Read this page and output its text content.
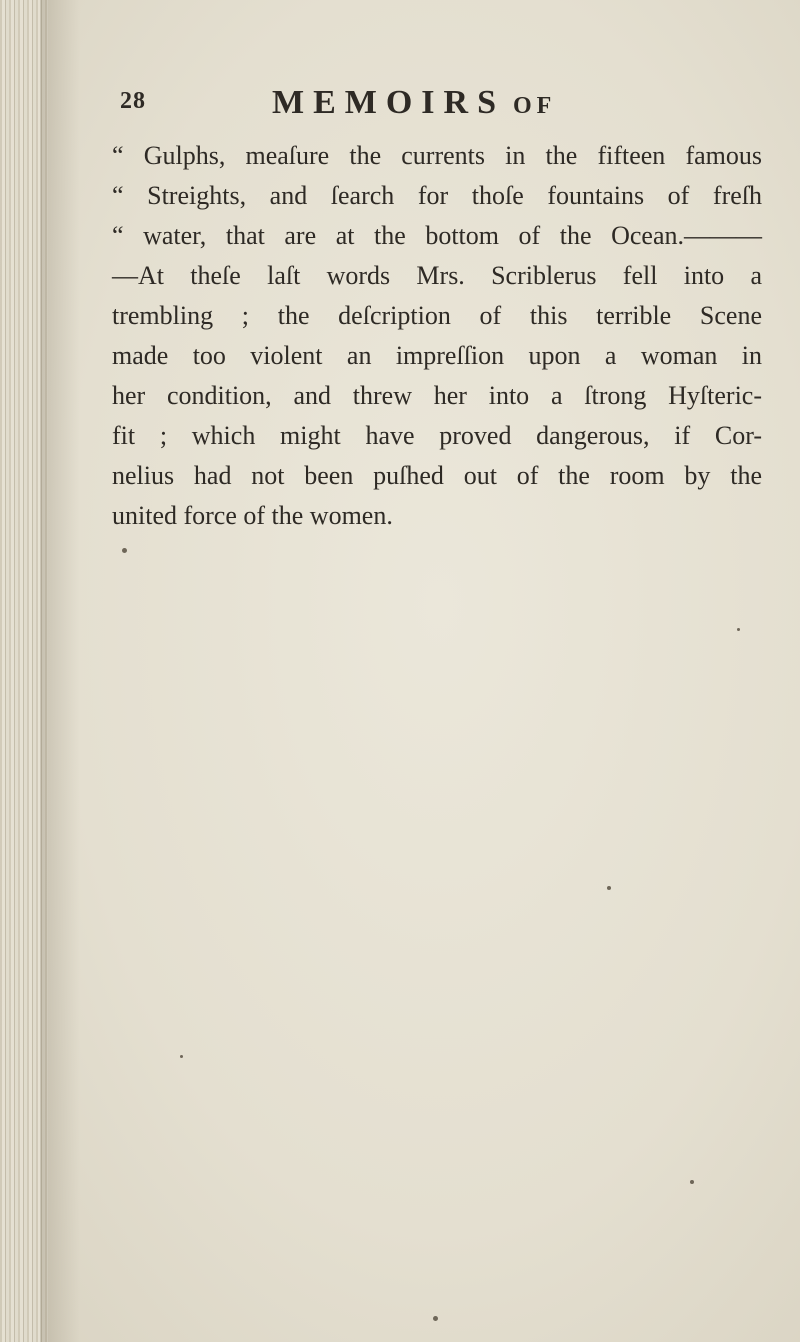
28	MEMOIRS OF
“ Gulphs, meaſure the currents in the fifteen famous
“ Streights, and ſearch for thoſe fountains of freſh
“ water, that are at the bottom of the Ocean.———
—At theſe laſt words Mrs. Scriblerus fell into a
trembling ; the deſcription of this terrible Scene
made too violent an impreſſion upon a woman in
her condition, and threw her into a ſtrong Hyſteric-
fit ; which might have proved dangerous, if Cor-
nelius had not been puſhed out of the room by the
united force of the women.
